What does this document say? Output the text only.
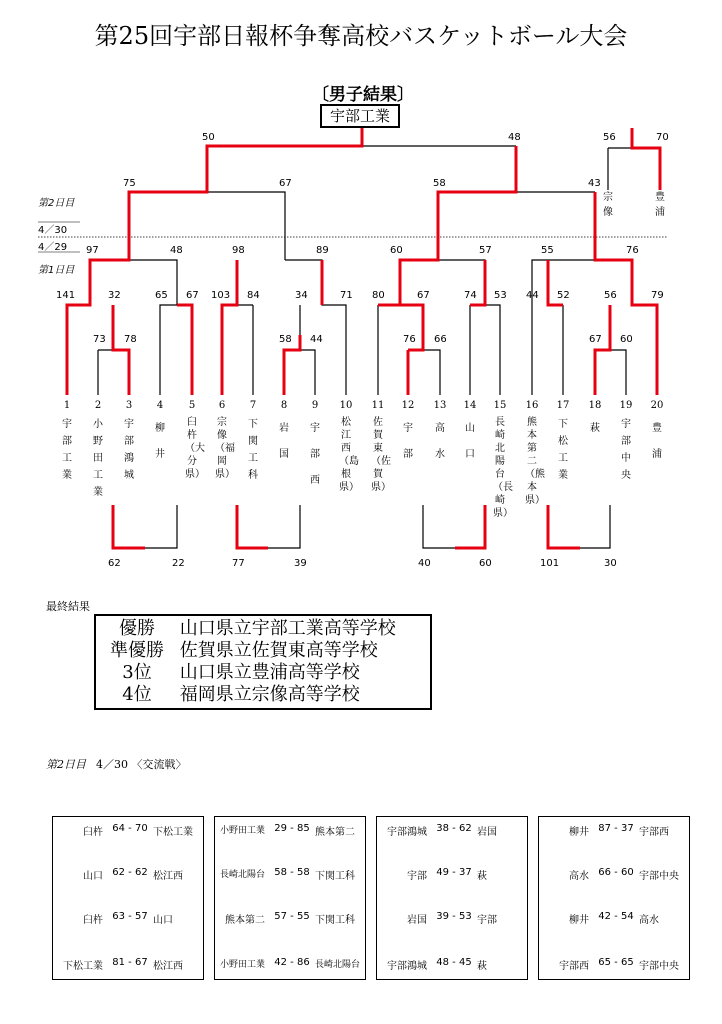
第25回宇部日報杯争奪高校バスケットボール大会
〔男子結果〕
宇部工業
50	48	56	70
75	67	58	43
97	48	98	89	60	57	55	76
141	32	65 67 103 84	34	71 80	67	74 53 44 52	56	79
73 78	58 44	76 66	67 60
62	22	77	39	40	60	101	30
第2日目
4／30
4／29
第1日目
宗像
豊浦
1
宇部工業
2
小野田工業
3
宇部鴻城
4
柳井
5
臼杵（大分県）
6
宗像（福岡県）
7
下関工科
8
岩国
9
宇部西
10
松江西（島根県）
11
佐賀東（佐賀県）
12
宇部
13
高水
14
山口
15
長崎北陽台（長崎県）
16
熊本第二（熊本県）
17
下松工業
18
萩
19
宇部中央
20
豊浦
最終結果
優勝 山口県立宇部工業高等学校
準優勝 佐賀県立佐賀東高等学校
3位 山口県立豊浦高等学校
4位 福岡県立宗像高等学校
第2日目 4／30 〈交流戦〉
臼杵 64 - 70 下松工業
山口 62 - 62 松江西
臼杵 63 - 57 山口
下松工業 81 - 67 松江西
小野田工業 29 - 85 熊本第二
長崎北陽台 58 - 58 下関工科
熊本第二 57 - 55 下関工科
小野田工業 42 - 86 長崎北陽台
宇部鴻城 38 - 62 岩国
宇部 49 - 37 萩
岩国 39 - 53 宇部
宇部鴻城 48 - 45 萩
柳井 87 - 37 宇部西
高水 66 - 60 宇部中央
柳井 42 - 54 高水
宇部西 65 - 65 宇部中央
